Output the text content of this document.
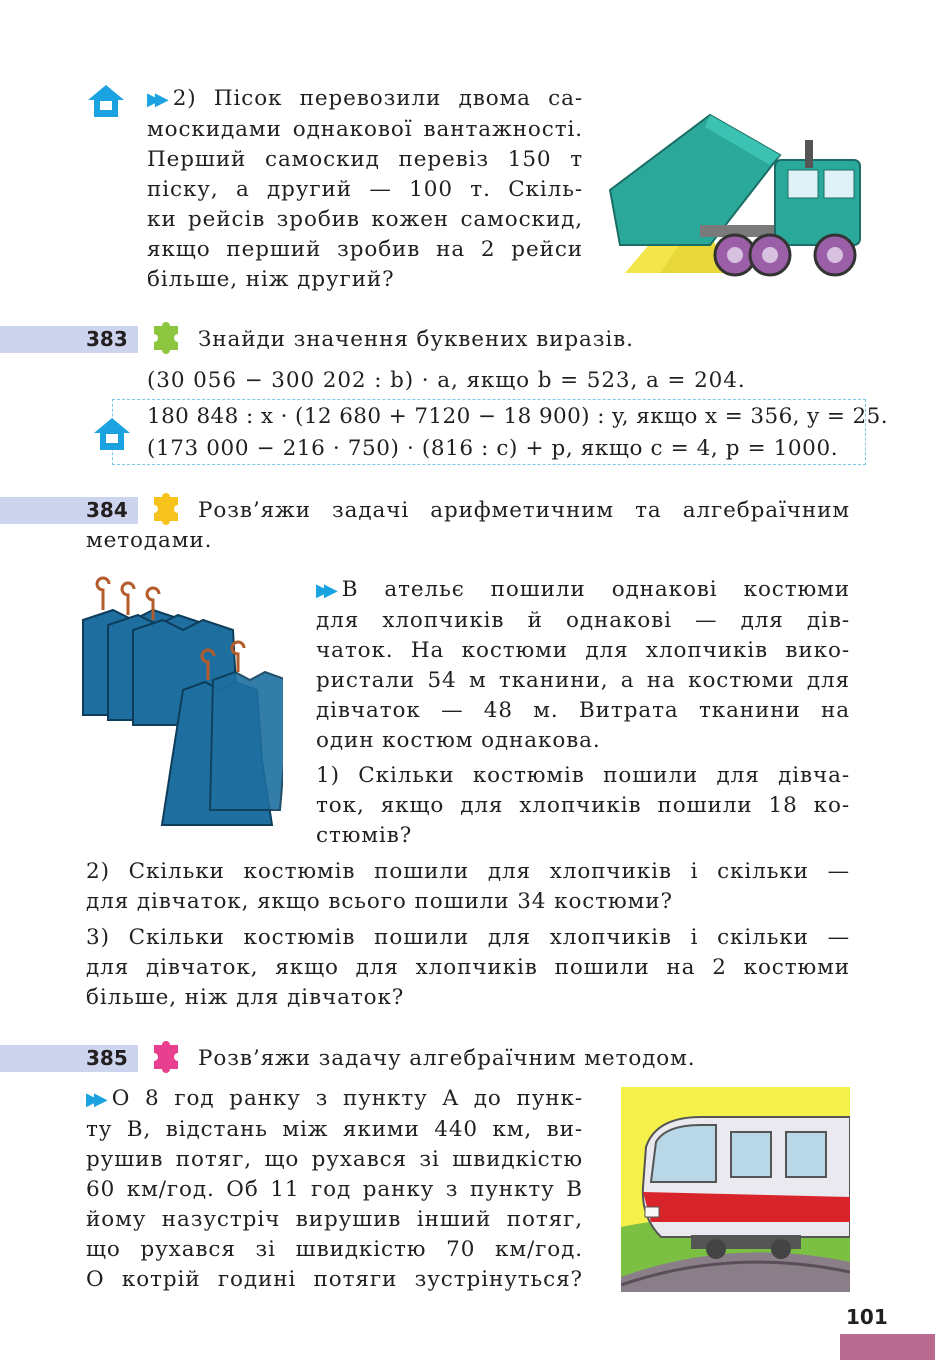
▶▶ 2) Пісок перевозили двома са-
москидами однакової вантажності.
Перший самоскид перевіз 150 т
піску, а другий — 100 т. Скіль-
ки рейсів зробив кожен самоскид,
якщо перший зробив на 2 рейси
більше, ніж другий?
383	Знайди значення буквених виразів.
(30 056 − 300 202 : b) · a, якщо b = 523, a = 204.
180 848 : x · (12 680 + 7120 − 18 900) : y, якщо x = 356, y = 25.
(173 000 − 216 · 750) · (816 : c) + p, якщо c = 4, p = 1000.
384	Розв’яжи задачі арифметичним та алгебраїчним
методами.
▶▶ В ательє пошили однакові костюми
для хлопчиків й однакові — для дів-
чаток. На костюми для хлопчиків вико-
ристали 54 м тканини, а на костюми для
дівчаток — 48 м. Витрата тканини на
один костюм однакова.
1) Скільки костюмів пошили для дівча-
ток, якщо для хлопчиків пошили 18 ко-
стюмів?
2) Скільки костюмів пошили для хлопчиків і скільки —
для дівчаток, якщо всього пошили 34 костюми?
3) Скільки костюмів пошили для хлопчиків і скільки —
для дівчаток, якщо для хлопчиків пошили на 2 костюми
більше, ніж для дівчаток?
385	Розв’яжи задачу алгебраїчним методом.
▶▶ О 8 год ранку з пункту A до пунк-
ту B, відстань між якими 440 км, ви-
рушив потяг, що рухався зі швидкістю
60 км/год. Об 11 год ранку з пункту B
йому назустріч вирушив інший потяг,
що рухався зі швидкістю 70 км/год.
О котрій годині потяги зустрінуться?
101
